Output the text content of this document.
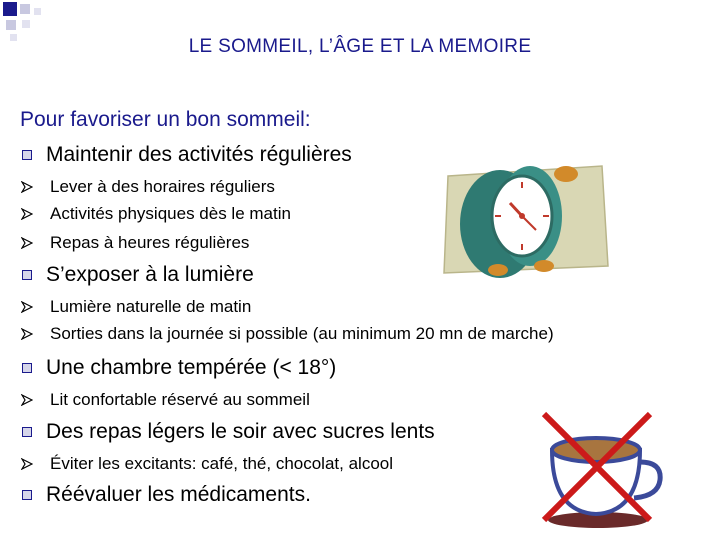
LE SOMMEIL, L’ÂGE ET LA MEMOIRE
Pour favoriser un bon sommeil:
Maintenir des activités régulières
Lever à des horaires réguliers
Activités physiques dès le matin
Repas à heures régulières
S’exposer à la lumière
Lumière naturelle de matin
Sorties dans la journée si possible (au minimum 20 mn de marche)
Une chambre tempérée (< 18°)
Lit confortable réservé au sommeil
Des repas légers le soir avec sucres lents
Éviter les excitants: café, thé, chocolat, alcool
Réévaluer les médicaments.
